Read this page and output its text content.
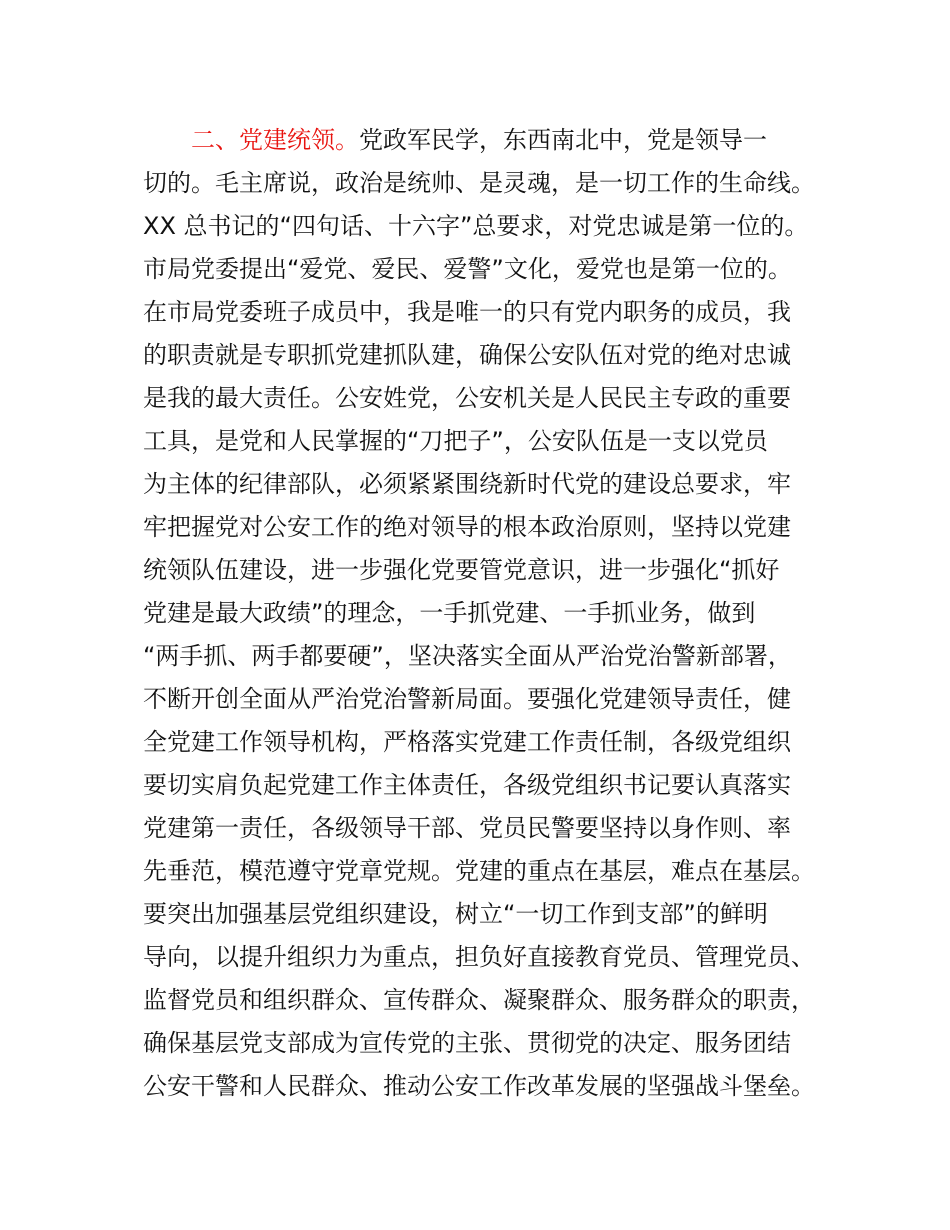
二、党建统领。党政军民学，东西南北中，党是领导一
切的。毛主席说，政治是统帅、是灵魂，是一切工作的生命线。
XX 总书记的“四句话、十六字”总要求，对党忠诚是第一位的。
市局党委提出“爱党、爱民、爱警”文化，爱党也是第一位的。
在市局党委班子成员中，我是唯一的只有党内职务的成员，我
的职责就是专职抓党建抓队建，确保公安队伍对党的绝对忠诚
是我的最大责任。公安姓党，公安机关是人民民主专政的重要
工具，是党和人民掌握的“刀把子”，公安队伍是一支以党员
为主体的纪律部队，必须紧紧围绕新时代党的建设总要求，牢
牢把握党对公安工作的绝对领导的根本政治原则，坚持以党建
统领队伍建设，进一步强化党要管党意识，进一步强化“抓好
党建是最大政绩”的理念，一手抓党建、一手抓业务，做到
“两手抓、两手都要硬”，坚决落实全面从严治党治警新部署，
不断开创全面从严治党治警新局面。要强化党建领导责任，健
全党建工作领导机构，严格落实党建工作责任制，各级党组织
要切实肩负起党建工作主体责任，各级党组织书记要认真落实
党建第一责任，各级领导干部、党员民警要坚持以身作则、率
先垂范，模范遵守党章党规。党建的重点在基层，难点在基层。
要突出加强基层党组织建设，树立“一切工作到支部”的鲜明
导向，以提升组织力为重点，担负好直接教育党员、管理党员、
监督党员和组织群众、宣传群众、凝聚群众、服务群众的职责，
确保基层党支部成为宣传党的主张、贯彻党的决定、服务团结
公安干警和人民群众、推动公安工作改革发展的坚强战斗堡垒。
